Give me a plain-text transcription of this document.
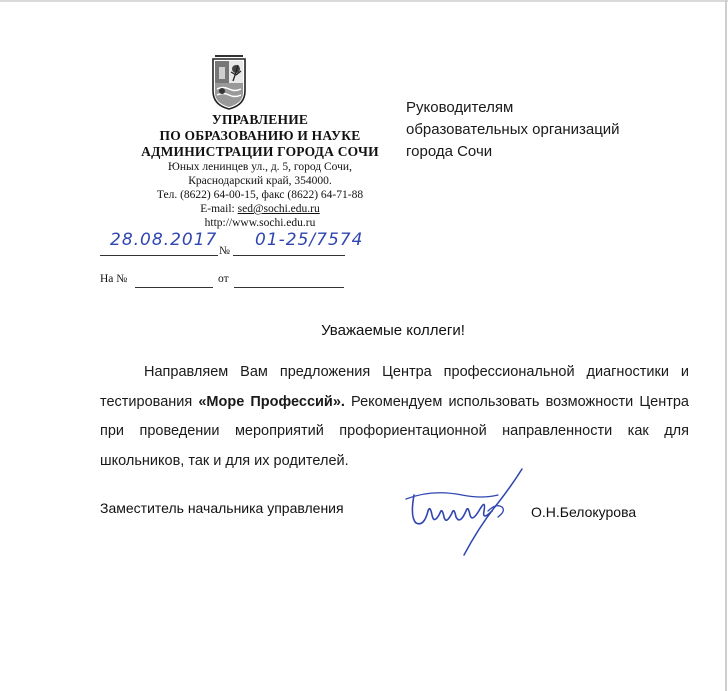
УПРАВЛЕНИЕ
ПО ОБРАЗОВАНИЮ И НАУКЕ
АДМИНИСТРАЦИИ ГОРОДА СОЧИ
Юных ленинцев ул., д. 5, город Сочи,
Краснодарский край, 354000.
Тел. (8622) 64-00-15, факс (8622) 64-71-88
E-mail: sed@sochi.edu.ru
http://www.sochi.edu.ru
Руководителям
образовательных организаций
города Сочи
28.08.2017
№
01-25/7574
На №	от
Уважаемые коллеги!
Направляем Вам предложения Центра профессиональной диагностики и тестирования «Море Профессий». Рекомендуем использовать возможности Центра при проведении мероприятий профориентационной направленности как для школьников, так и для их родителей.
Заместитель начальника управления	О.Н.Белокурова
